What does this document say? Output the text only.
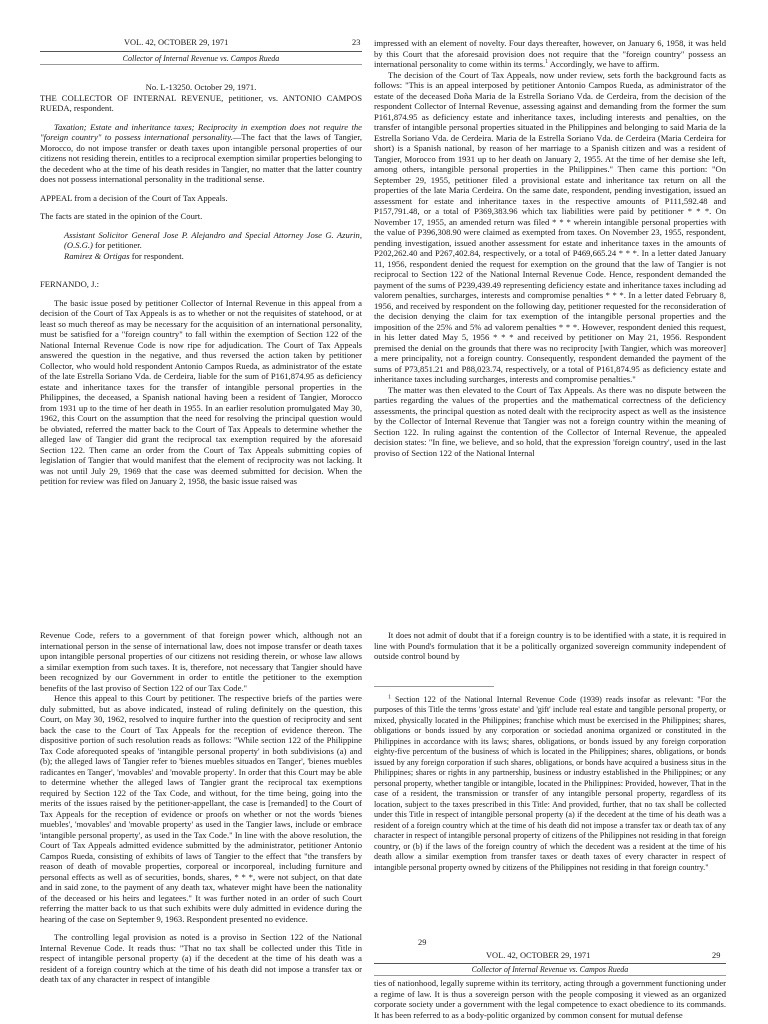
VOL. 42, OCTOBER 29, 1971	23
Collector of Internal Revenue vs. Campos Rueda
No. L-13250. October 29, 1971.

THE COLLECTOR OF INTERNAL REVENUE, petitioner, vs. ANTONIO CAMPOS RUEDA, respondent.

Taxation; Estate and inheritance taxes; Reciprocity in exemption does not require the "foreign country" to possess international personality.—The fact that the laws of Tangier, Morocco, do not impose transfer or death taxes upon intangible personal properties of our citizens not residing therein, entitles to a reciprocal exemption similar properties belonging to the decedent who at the time of his death resides in Tangier, no matter that the latter country does not possess international personality in the traditional sense.

APPEAL from a decision of the Court of Tax Appeals.

The facts are stated in the opinion of the Court.

Assistant Solicitor General Jose P. Alejandro and Special Attorney Jose G. Azurin, (O.S.G.) for petitioner.

Ramirez & Ortigas for respondent.

FERNANDO, J.:

The basic issue posed by petitioner Collector of Internal Revenue in this appeal from a decision of the Court of Tax Appeals is as to whether or not the requisites of statehood, or at least so much thereof as may be necessary for the acquisition of an international personality, must be satisfied for a "foreign country" to fall within the exemption of Section 122 of the National Internal Revenue Code is now ripe for adjudication. The Court of Tax Appeals answered the question in the negative, and thus reversed the action taken by petitioner Collector, who would hold respondent Antonio Campos Rueda, as administrator of the estate of the late Estrella Soriano Vda. de Cerdeira, liable for the sum of P161,874.95 as deficiency estate and inheritance taxes for the transfer of intangible personal properties in the Philippines, the deceased, a Spanish national having been a resident of Tangier, Morocco from 1931 up to the time of her death in 1955. In an earlier resolution promulgated May 30, 1962, this Court on the assumption that the need for resolving the principal question would be obviated, referred the matter back to the Court of Tax Appeals to determine whether the alleged law of Tangier did grant the reciprocal tax exemption required by the aforesaid Section 122. Then came an order from the Court of Tax Appeals submitting copies of legislation of Tangier that would manifest that the element of reciprocity was not lacking. It was not until July 29, 1969 that the case was deemed submitted for decision. When the petition for review was filed on January 2, 1958, the basic issue raised was

impressed with an element of novelty. Four days thereafter, however, on January 6, 1958, it was held by this Court that the aforesaid provision does not require that the "foreign country" possess an international personality to come within its terms.$^1$ Accordingly, we have to affirm.

The decision of the Court of Tax Appeals, now under review, sets forth the background facts as follows: "This is an appeal interposed by petitioner Antonio Campos Rueda, as administrator of the estate of the deceased Doña Maria de la Estrella Soriano Vda. de Cerdeira, from the decision of the respondent Collector of Internal Revenue, assessing against and demanding from the former the sum P161,874.95 as deficiency estate and inheritance taxes, including interests and penalties, on the transfer of intangible personal properties situated in the Philippines and belonging to said Maria de la Estrella Soriano Vda. de Cerdeira. Maria de la Estrella Soriano Vda. de Cerdeira (Maria Cerdeira for short) is a Spanish national, by reason of her marriage to a Spanish citizen and was a resident of Tangier, Morocco from 1931 up to her death on January 2, 1955. At the time of her demise she left, among others, intangible personal properties in the Philippines." Then came this portion: "On September 29, 1955, petitioner filed a provisional estate and inheritance tax return on all the properties of the late Maria Cerdeira. On the same date, respondent, pending investigation, issued an assessment for estate and inheritance taxes in the respective amounts of P111,592.48 and P157,791.48, or a total of P369,383.96 which tax liabilities were paid by petitioner * * *. On November 17, 1955, an amended return was filed * * * wherein intangible personal properties with the value of P396,308.90 were claimed as exempted from taxes. On November 23, 1955, respondent, pending investigation, issued another assessment for estate and inheritance taxes in the amounts of P202,262.40 and P267,402.84, respectively, or a total of P469,665.24 * * *. In a letter dated January 11, 1956, respondent denied the request for exemption on the ground that the law of Tangier is not reciprocal to Section 122 of the National Internal Revenue Code. Hence, respondent demanded the payment of the sums of P239,439.49 representing deficiency estate and inheritance taxes including ad valorem penalties, surcharges, interests and compromise penalties * * *. In a letter dated February 8, 1956, and received by respondent on the following day, petitioner requested for the reconsideration of the decision denying the claim for tax exemption of the intangible personal properties and the imposition of the 25% and 5% ad valorem penalties * * *. However, respondent denied this request, in his letter dated May 5, 1956 * * * and received by petitioner on May 21, 1956. Respondent premised the denial on the grounds that there was no reciprocity [with Tangier, which was moreover] a mere principality, not a foreign country. Consequently, respondent demanded the payment of the sums of P73,851.21 and P88,023.74, respectively, or a total of P161,874.95 as deficiency estate and inheritance taxes including surcharges, interests and compromise penalties."

The matter was then elevated to the Court of Tax Appeals. As there was no dispute between the parties regarding the values of the properties and the mathematical correctness of the deficiency assessments, the principal question as noted dealt with the reciprocity aspect as well as the insistence by the Collector of Internal Revenue that Tangier was not a foreign country within the meaning of Section 122. In ruling against the contention of the Collector of Internal Revenue, the appealed decision states: "In fine, we believe, and so hold, that the expression 'foreign country', used in the last proviso of Section 122 of the National Internal

Revenue Code, refers to a government of that foreign power which, although not an international person in the sense of international law, does not impose transfer or death taxes upon intangible personal properties of our citizens not residing therein, or whose law allows a similar exemption from such taxes. It is, therefore, not necessary that Tangier should have been recognized by our Government in order to entitle the petitioner to the exemption benefits of the last proviso of Section 122 of our Tax Code."

Hence this appeal to this Court by petitioner. The respective briefs of the parties were duly submitted, but as above indicated, instead of ruling definitely on the question, this Court, on May 30, 1962, resolved to inquire further into the question of reciprocity and sent back the case to the Court of Tax Appeals for the reception of evidence thereon. The dispositive portion of such resolution reads as follows: "While section 122 of the Philippine Tax Code aforequoted speaks of 'intangible personal property' in both subdivisions (a) and (b); the alleged laws of Tangier refer to 'bienes muebles situados en Tanger', 'bienes muebles radicantes en Tanger', 'movables' and 'movable property'. In order that this Court may be able to determine whether the alleged laws of Tangier grant the reciprocal tax exemptions required by Section 122 of the Tax Code, and without, for the time being, going into the merits of the issues raised by the petitioner-appellant, the case is [remanded] to the Court of Tax Appeals for the reception of evidence or proofs on whether or not the words 'bienes muebles', 'movables' and 'movable property' as used in the Tangier laws, include or embrace 'intangible personal property', as used in the Tax Code." In line with the above resolution, the Court of Tax Appeals admitted evidence submitted by the administrator, petitioner Antonio Campos Rueda, consisting of exhibits of laws of Tangier to the effect that "the transfers by reason of death of movable properties, corporeal or incorporeal, including furniture and personal effects as well as of securities, bonds, shares, * * *, were not subject, on that date and in said zone, to the payment of any death tax, whatever might have been the nationality of the deceased or his heirs and legatees." It was further noted in an order of such Court referring the matter back to us that such exhibits were duly admitted in evidence during the hearing of the case on September 9, 1963. Respondent presented no evidence.

The controlling legal provision as noted is a proviso in Section 122 of the National Internal Revenue Code. It reads thus: "That no tax shall be collected under this Title in respect of intangible personal property (a) if the decedent at the time of his death was a resident of a foreign country which at the time of his death did not impose a transfer tax or death tax of any character in respect of intangible

It does not admit of doubt that if a foreign country is to be identified with a state, it is required in line with Pound's formulation that it be a politically organized sovereign community independent of outside control bound by

$^1$ Section 122 of the National Internal Revenue Code (1939) reads insofar as relevant: "For the purposes of this Title the terms 'gross estate' and 'gift' include real estate and tangible personal property, or mixed, physically located in the Philippines; franchise which must be exercised in the Philippines; shares, obligations or bonds issued by any corporation or sociedad anonima organized or constituted in the Philippines in accordance with its laws; shares, obligations, or bonds issued by any foreign corporation eighty-five percentum of the business of which is located in the Philippines; shares, obligations, or bonds issued by any foreign corporation if such shares, obligations, or bonds have acquired a business situs in the Philippines; shares or rights in any partnership, business or industry established in the Philippines; or any personal property, whether tangible or intangible, located in the Philippines: Provided, however, That in the case of a resident, the transmission or transfer of any intangible personal property, regardless of its location, subject to the taxes prescribed in this Title: And provided, further, that no tax shall be collected under this Title in respect of intangible personal property (a) if the decedent at the time of his death was a resident of a foreign country which at the time of his death did not impose a transfer tax or death tax of any character in respect of intangible personal property of citizens of the Philippines not residing in that foreign country, or (b) if the laws of the foreign country of which the decedent was a resident at the time of his death allow a similar exemption from transfer taxes or death taxes of every character in respect of intangible personal property owned by citizens of the Philippines not residing in that foreign country."

29
VOL. 42, OCTOBER 29, 1971	29
Collector of Internal Revenue vs. Campos Rueda

ties of nationhood, legally supreme within its territory, acting through a government functioning under a regime of law. It is thus a sovereign person with the people composing it viewed as an organized corporate society under a government with the legal competence to exact obedience to its commands. It has been referred to as a body-politic organized by common consent for mutual defense
